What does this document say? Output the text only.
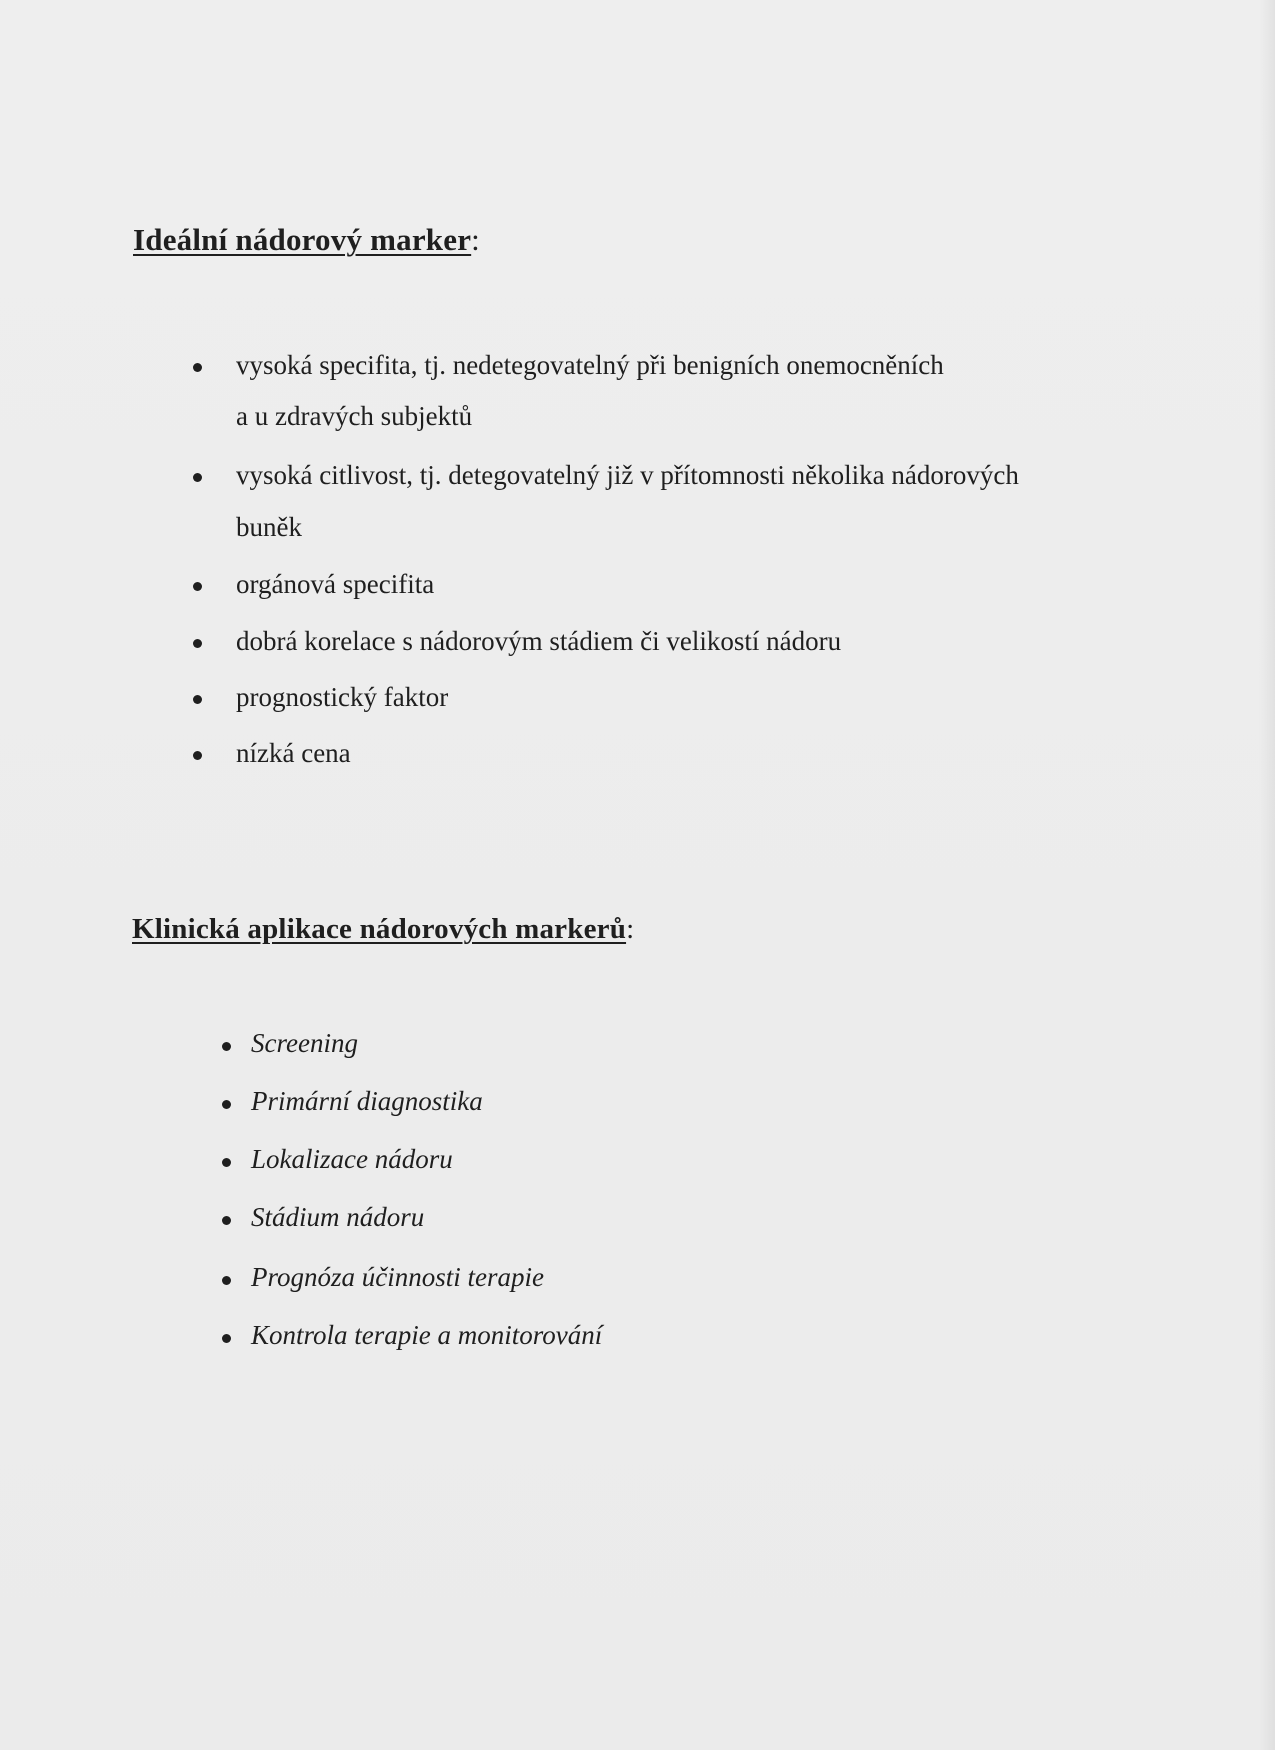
Ideální nádorový marker:
vysoká specifita, tj. nedetegovatelný při benigních onemocněních
a u zdravých subjektů
vysoká citlivost, tj. detegovatelný již v přítomnosti několika nádorových
buněk
orgánová specifita
dobrá korelace s nádorovým stádiem či velikostí nádoru
prognostický faktor
nízká cena
Klinická aplikace nádorových markerů:
Screening
Primární diagnostika
Lokalizace nádoru
Stádium nádoru
Prognóza účinnosti terapie
Kontrola terapie a monitorování
